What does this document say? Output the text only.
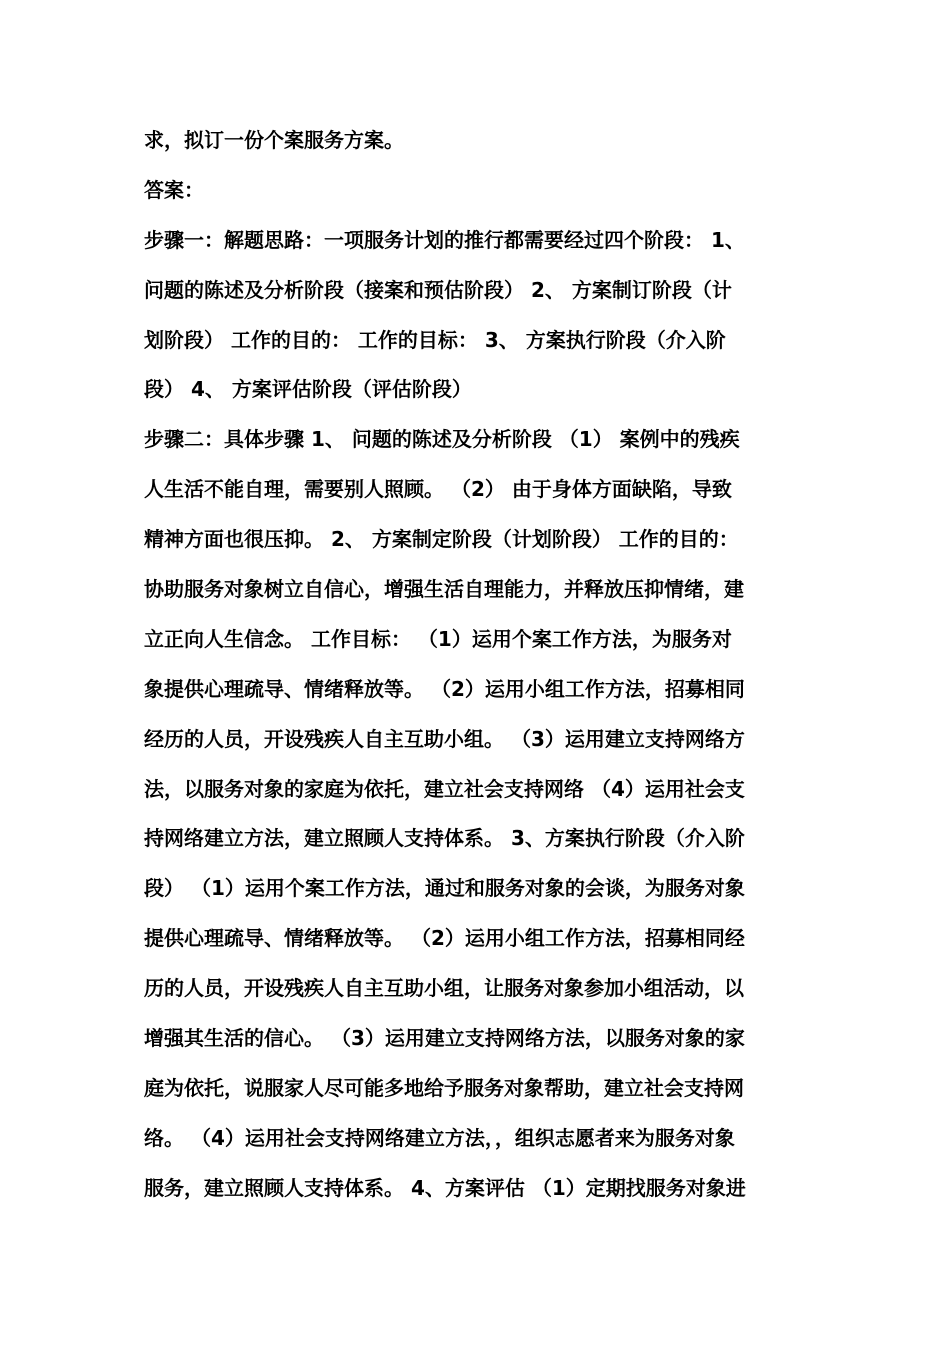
求，拟订一份个案服务方案。
答案：
步骤一：解题思路：一项服务计划的推行都需要经过四个阶段： 1、
问题的陈述及分析阶段（接案和预估阶段） 2、 方案制订阶段（计
划阶段） 工作的目的： 工作的目标： 3、 方案执行阶段（介入阶
段） 4、 方案评估阶段（评估阶段）
步骤二：具体步骤 1、 问题的陈述及分析阶段 （1） 案例中的残疾
人生活不能自理，需要别人照顾。 （2） 由于身体方面缺陷，导致
精神方面也很压抑。 2、 方案制定阶段（计划阶段） 工作的目的：
协助服务对象树立自信心，增强生活自理能力，并释放压抑情绪，建
立正向人生信念。 工作目标： （1）运用个案工作方法，为服务对
象提供心理疏导、情绪释放等。 （2）运用小组工作方法，招募相同
经历的人员，开设残疾人自主互助小组。 （3）运用建立支持网络方
法，以服务对象的家庭为依托，建立社会支持网络 （4）运用社会支
持网络建立方法，建立照顾人支持体系。 3、方案执行阶段（介入阶
段） （1）运用个案工作方法，通过和服务对象的会谈，为服务对象
提供心理疏导、情绪释放等。 （2）运用小组工作方法，招募相同经
历的人员，开设残疾人自主互助小组，让服务对象参加小组活动，以
增强其生活的信心。 （3）运用建立支持网络方法，以服务对象的家
庭为依托，说服家人尽可能多地给予服务对象帮助，建立社会支持网
络。 （4）运用社会支持网络建立方法，，组织志愿者来为服务对象
服务，建立照顾人支持体系。 4、方案评估 （1）定期找服务对象进
